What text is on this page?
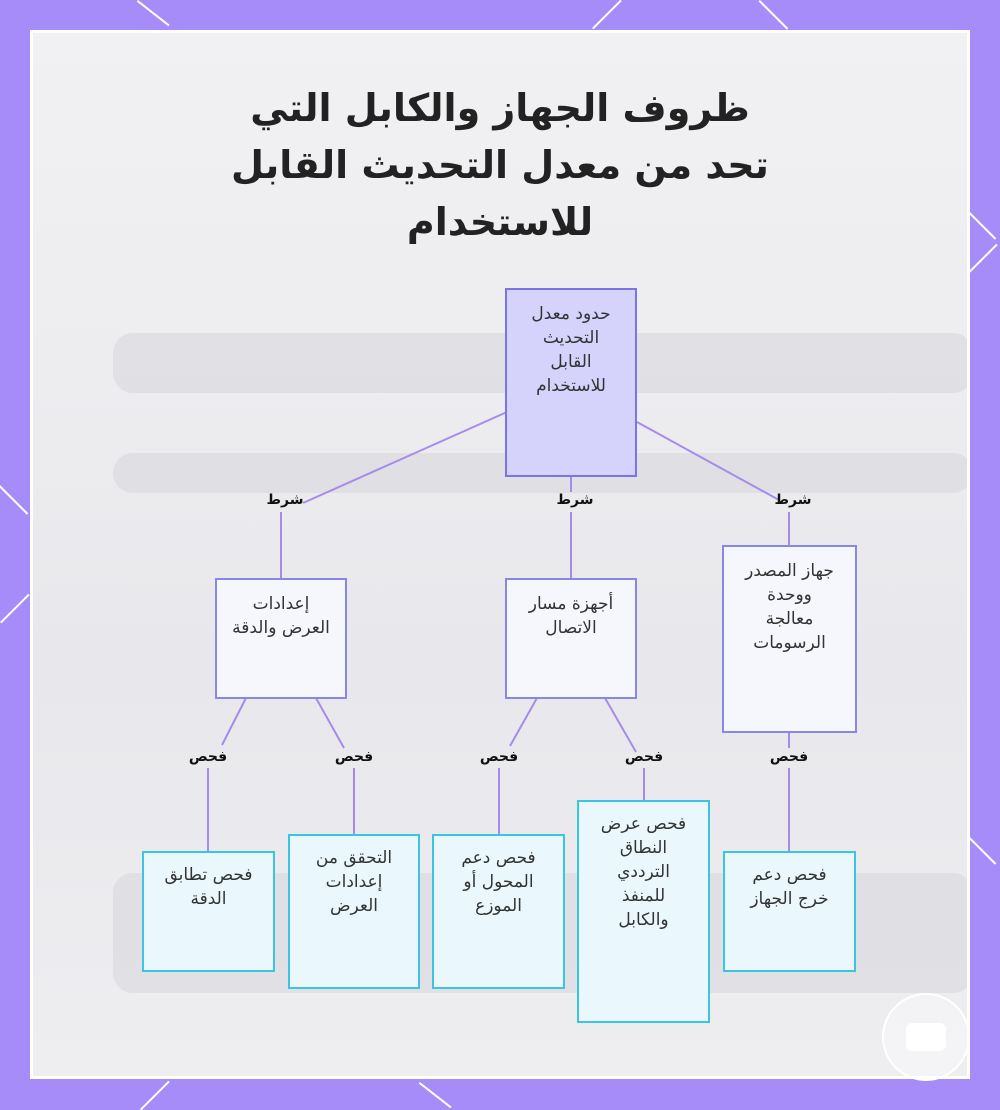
ظروف الجهاز والكابل التي تحد من معدل التحديث القابل للاستخدام
حدود معدل التحديث القابل للاستخدام
شرط	شرط	شرط
إعدادات العرض والدقة
أجهزة مسار الاتصال
جهاز المصدر ووحدة معالجة الرسومات
فحص	فحص	فحص	فحص	فحص
فحص تطابق الدقة
التحقق من إعدادات العرض
فحص دعم المحول أو الموزع
فحص عرض النطاق الترددي للمنفذ والكابل
فحص دعم خرج الجهاز
